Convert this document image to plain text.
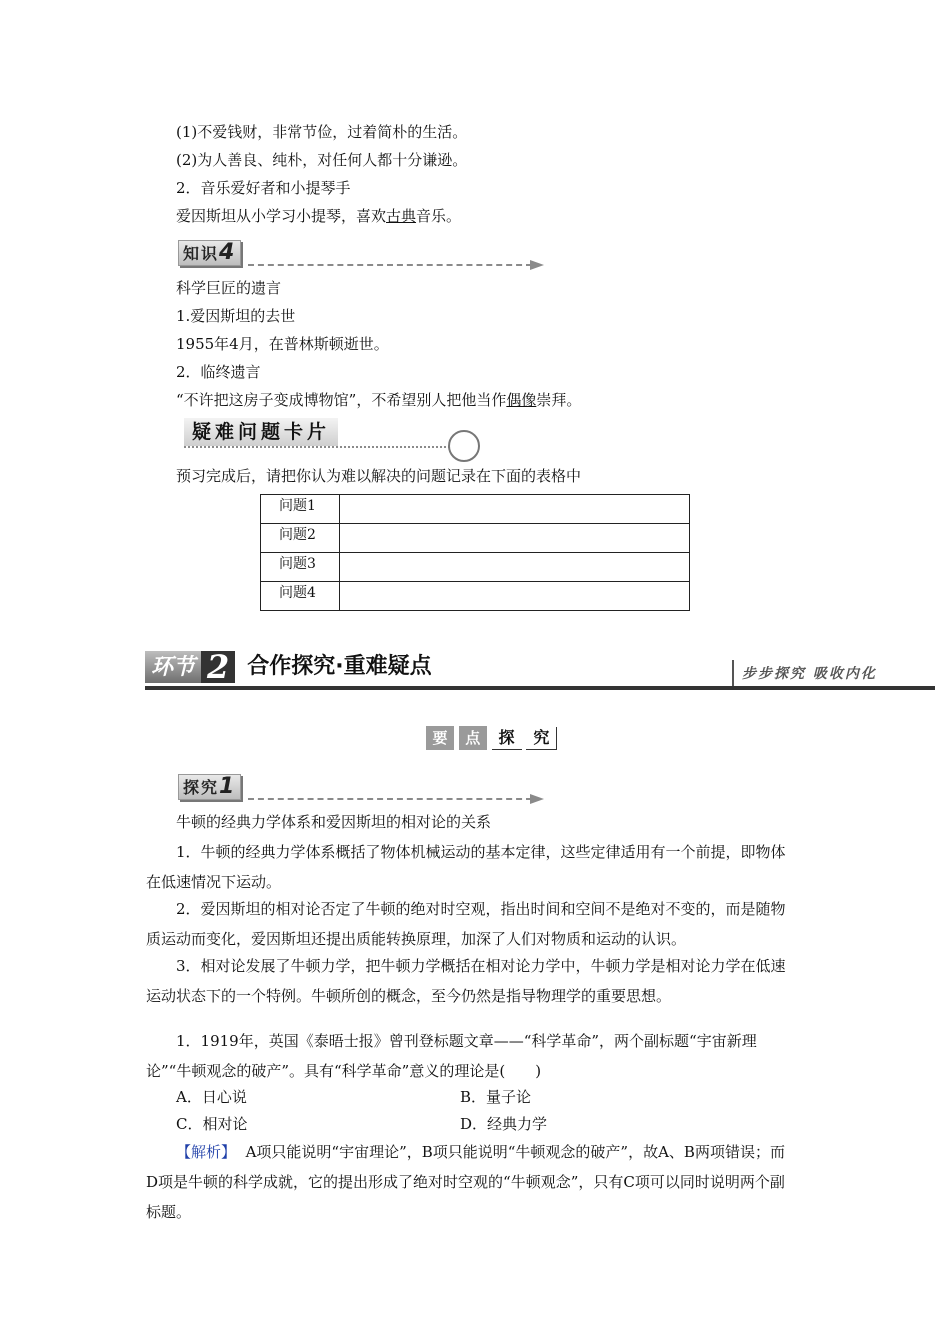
(1)不爱钱财，非常节俭，过着简朴的生活。
(2)为人善良、纯朴，对任何人都十分谦逊。
2．音乐爱好者和小提琴手
爱因斯坦从小学习小提琴，喜欢古典音乐。
知识4
科学巨匠的遗言
1.爱因斯坦的去世
1955年4月，在普林斯顿逝世。
2．临终遗言
“不许把这房子变成博物馆”，不希望别人把他当作偶像崇拜。
疑难问题卡片
预习完成后，请把你认为难以解决的问题记录在下面的表格中
问题1	
问题2	
问题3	
问题4	
环节 2 合作探究·重难疑点	步步探究 吸收内化
要 点 探 究
探究1
牛顿的经典力学体系和爱因斯坦的相对论的关系
1．牛顿的经典力学体系概括了物体机械运动的基本定律，这些定律适用有一个前提，即物体在低速情况下运动。
2．爱因斯坦的相对论否定了牛顿的绝对时空观，指出时间和空间不是绝对不变的，而是随物质运动而变化，爱因斯坦还提出质能转换原理，加深了人们对物质和运动的认识。
3．相对论发展了牛顿力学，把牛顿力学概括在相对论力学中，牛顿力学是相对论力学在低速运动状态下的一个特例。牛顿所创的概念，至今仍然是指导物理学的重要思想。
1．1919年，英国《泰晤士报》曾刊登标题文章——“科学革命”，两个副标题“宇宙新理论”“牛顿观念的破产”。具有“科学革命”意义的理论是(　　)
A．日心说	B．量子论
C．相对论	D．经典力学
【解析】 A项只能说明“宇宙理论”，B项只能说明“牛顿观念的破产”，故A、B两项错误；而D项是牛顿的科学成就，它的提出形成了绝对时空观的“牛顿观念”，只有C项可以同时说明两个副标题。
